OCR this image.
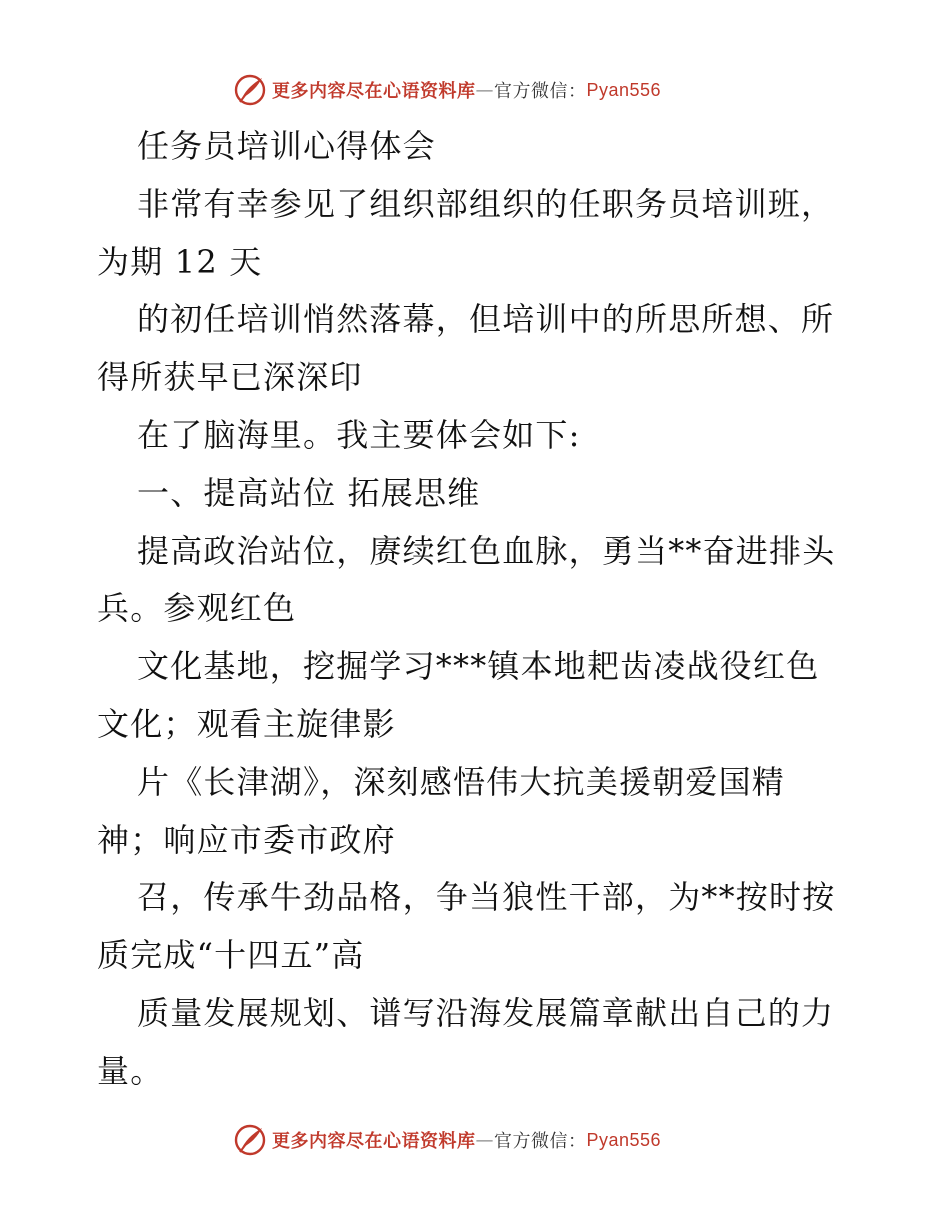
更多内容尽在心语资料库 — 官方微信： Pyan556
任务员培训心得体会
非常有幸参见了组织部组织的任职务员培训班，
为期 12 天
的初任培训悄然落幕，但培训中的所思所想、所
得所获早已深深印
在了脑海里。我主要体会如下:
一、提高站位 拓展思维
提高政治站位，赓续红色血脉，勇当**奋进排头
兵。参观红色
文化基地，挖掘学习***镇本地耙齿凌战役红色
文化；观看主旋律影
片《长津湖》，深刻感悟伟大抗美援朝爱国精
神；响应市委市政府
召，传承牛劲品格，争当狼性干部，为**按时按
质完成“十四五”高
质量发展规划、谱写沿海发展篇章献出自己的力
量。
更多内容尽在心语资料库 — 官方微信： Pyan556
